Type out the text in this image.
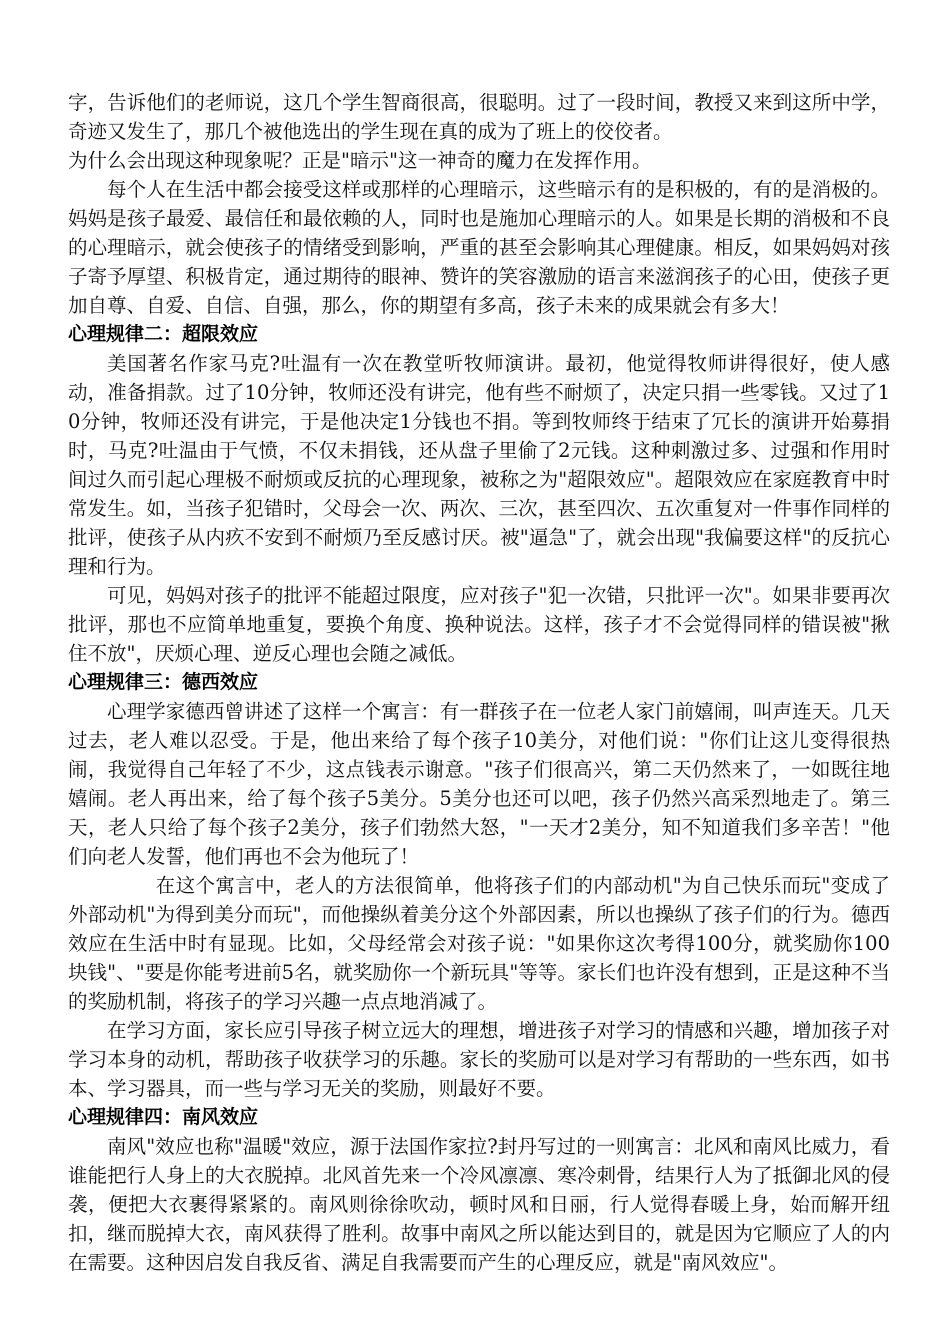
字，告诉他们的老师说，这几个学生智商很高，很聪明。过了一段时间，教授又来到这所中学，奇迹又发生了，那几个被他选出的学生现在真的成为了班上的佼佼者。

为什么会出现这种现象呢？正是"暗示"这一神奇的魔力在发挥作用。

每个人在生活中都会接受这样或那样的心理暗示，这些暗示有的是积极的，有的是消极的。妈妈是孩子最爱、最信任和最依赖的人，同时也是施加心理暗示的人。如果是长期的消极和不良的心理暗示，就会使孩子的情绪受到影响，严重的甚至会影响其心理健康。相反，如果妈妈对孩子寄予厚望、积极肯定，通过期待的眼神、赞许的笑容激励的语言来滋润孩子的心田，使孩子更加自尊、自爱、自信、自强，那么，你的期望有多高，孩子未来的成果就会有多大！

心理规律二：超限效应

美国著名作家马克?吐温有一次在教堂听牧师演讲。最初，他觉得牧师讲得很好，使人感动，准备捐款。过了10分钟，牧师还没有讲完，他有些不耐烦了，决定只捐一些零钱。又过了10分钟，牧师还没有讲完，于是他决定1分钱也不捐。等到牧师终于结束了冗长的演讲开始募捐时，马克?吐温由于气愤，不仅未捐钱，还从盘子里偷了2元钱。这种刺激过多、过强和作用时间过久而引起心理极不耐烦或反抗的心理现象，被称之为"超限效应"。超限效应在家庭教育中时常发生。如，当孩子犯错时，父母会一次、两次、三次，甚至四次、五次重复对一件事作同样的批评，使孩子从内疚不安到不耐烦乃至反感讨厌。被"逼急"了，就会出现"我偏要这样"的反抗心理和行为。

可见，妈妈对孩子的批评不能超过限度，应对孩子"犯一次错，只批评一次"。如果非要再次批评，那也不应简单地重复，要换个角度、换种说法。这样，孩子才不会觉得同样的错误被"揪住不放"，厌烦心理、逆反心理也会随之减低。

心理规律三：德西效应

心理学家德西曾讲述了这样一个寓言：有一群孩子在一位老人家门前嬉闹，叫声连天。几天过去，老人难以忍受。于是，他出来给了每个孩子10美分，对他们说："你们让这儿变得很热闹，我觉得自己年轻了不少，这点钱表示谢意。"孩子们很高兴，第二天仍然来了，一如既往地嬉闹。老人再出来，给了每个孩子5美分。5美分也还可以吧，孩子仍然兴高采烈地走了。第三天，老人只给了每个孩子2美分，孩子们勃然大怒，"一天才2美分，知不知道我们多辛苦！"他们向老人发誓，他们再也不会为他玩了！

在这个寓言中，老人的方法很简单，他将孩子们的内部动机"为自己快乐而玩"变成了外部动机"为得到美分而玩"，而他操纵着美分这个外部因素，所以也操纵了孩子们的行为。德西效应在生活中时有显现。比如，父母经常会对孩子说："如果你这次考得100分，就奖励你100块钱"、"要是你能考进前5名，就奖励你一个新玩具"等等。家长们也许没有想到，正是这种不当的奖励机制，将孩子的学习兴趣一点点地消减了。

在学习方面，家长应引导孩子树立远大的理想，增进孩子对学习的情感和兴趣，增加孩子对学习本身的动机，帮助孩子收获学习的乐趣。家长的奖励可以是对学习有帮助的一些东西，如书本、学习器具，而一些与学习无关的奖励，则最好不要。

心理规律四：南风效应

南风"效应也称"温暖"效应，源于法国作家拉?封丹写过的一则寓言：北风和南风比威力，看谁能把行人身上的大衣脱掉。北风首先来一个冷风凛凛、寒冷刺骨，结果行人为了抵御北风的侵袭，便把大衣裹得紧紧的。南风则徐徐吹动，顿时风和日丽，行人觉得春暖上身，始而解开纽扣，继而脱掉大衣，南风获得了胜利。故事中南风之所以能达到目的，就是因为它顺应了人的内在需要。这种因启发自我反省、满足自我需要而产生的心理反应，就是"南风效应"。
